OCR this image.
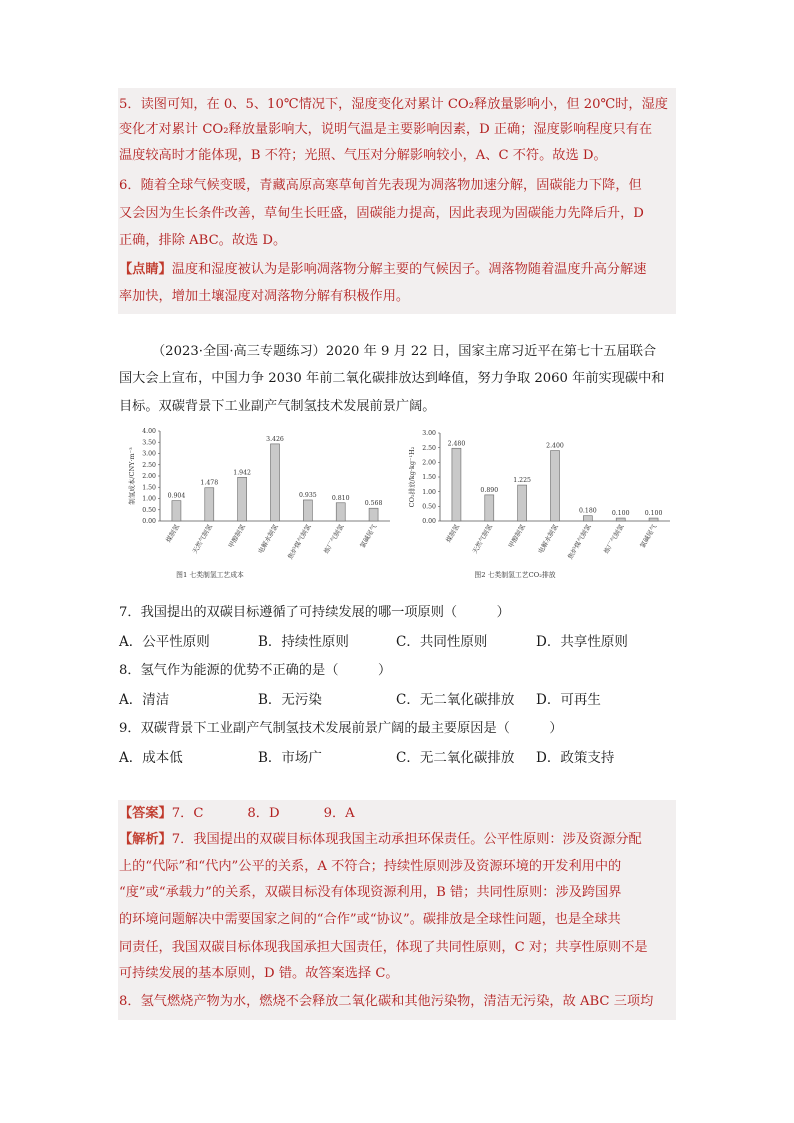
5．读图可知，在 0、5、10℃情况下，湿度变化对累计 CO₂释放量影响小，但 20℃时，湿度
变化才对累计 CO₂释放量影响大，说明气温是主要影响因素，D 正确；湿度影响程度只有在
温度较高时才能体现，B 不符；光照、气压对分解影响较小，A、C 不符。故选 D。
6．随着全球气候变暖，青藏高原高寒草甸首先表现为凋落物加速分解，固碳能力下降，但
又会因为生长条件改善，草甸生长旺盛，固碳能力提高，因此表现为固碳能力先降后升，D
正确，排除 ABC。故选 D。
【点睛】温度和湿度被认为是影响凋落物分解主要的气候因子。凋落物随着温度升高分解速
率加快，增加土壤湿度对凋落物分解有积极作用。
（2023·全国·高三专题练习）2020 年 9 月 22 日，国家主席习近平在第七十五届联合
国大会上宣布，中国力争 2030 年前二氧化碳排放达到峰值，努力争取 2060 年前实现碳中和
目标。双碳背景下工业副产气制氢技术发展前景广阔。
制氢成本/CNY·m⁻³
0.00
0.50
1.00
1.50
2.00
2.50
3.00
3.50
4.00
0.904
煤制氢
1.478
天然气制氢
1.942
甲醇制氢
3.426
电解水制氢
0.935
焦炉煤气制氢
0.810
炼厂气制氢
0.568
氯碱尾气
图1 七类制氢工艺成本
CO₂排放/kg·kg⁻¹H₂
0.00
0.50
1.00
1.50
2.00
2.50
3.00
2.480
煤制氢
0.890
天然气制氢
1.225
甲醇制氢
2.400
电解水制氢
0.180
焦炉煤气制氢
0.100
炼厂气制氢
0.100
氯碱尾气
图2 七类制氢工艺CO₂排放
7．我国提出的双碳目标遵循了可持续发展的哪一项原则（　　　）
A．公平性原则	B．持续性原则	C．共同性原则	D．共享性原则
8．氢气作为能源的优势不正确的是（　　　）
A．清洁	B．无污染	C．无二氧化碳排放 D．可再生
9．双碳背景下工业副产气制氢技术发展前景广阔的最主要原因是（　　　）
A．成本低	B．市场广	C．无二氧化碳排放 D．政策支持
【答案】7．C	8．D	9．A
【解析】7．我国提出的双碳目标体现我国主动承担环保责任。公平性原则：涉及资源分配
上的“代际”和“代内”公平的关系，A 不符合；持续性原则涉及资源环境的开发利用中的
“度”或“承载力”的关系，双碳目标没有体现资源利用，B 错；共同性原则：涉及跨国界
的环境问题解决中需要国家之间的“合作”或“协议”。碳排放是全球性问题，也是全球共
同责任，我国双碳目标体现我国承担大国责任，体现了共同性原则，C 对；共享性原则不是
可持续发展的基本原则，D 错。故答案选择 C。
8．氢气燃烧产物为水，燃烧不会释放二氧化碳和其他污染物，清洁无污染，故 ABC 三项均
